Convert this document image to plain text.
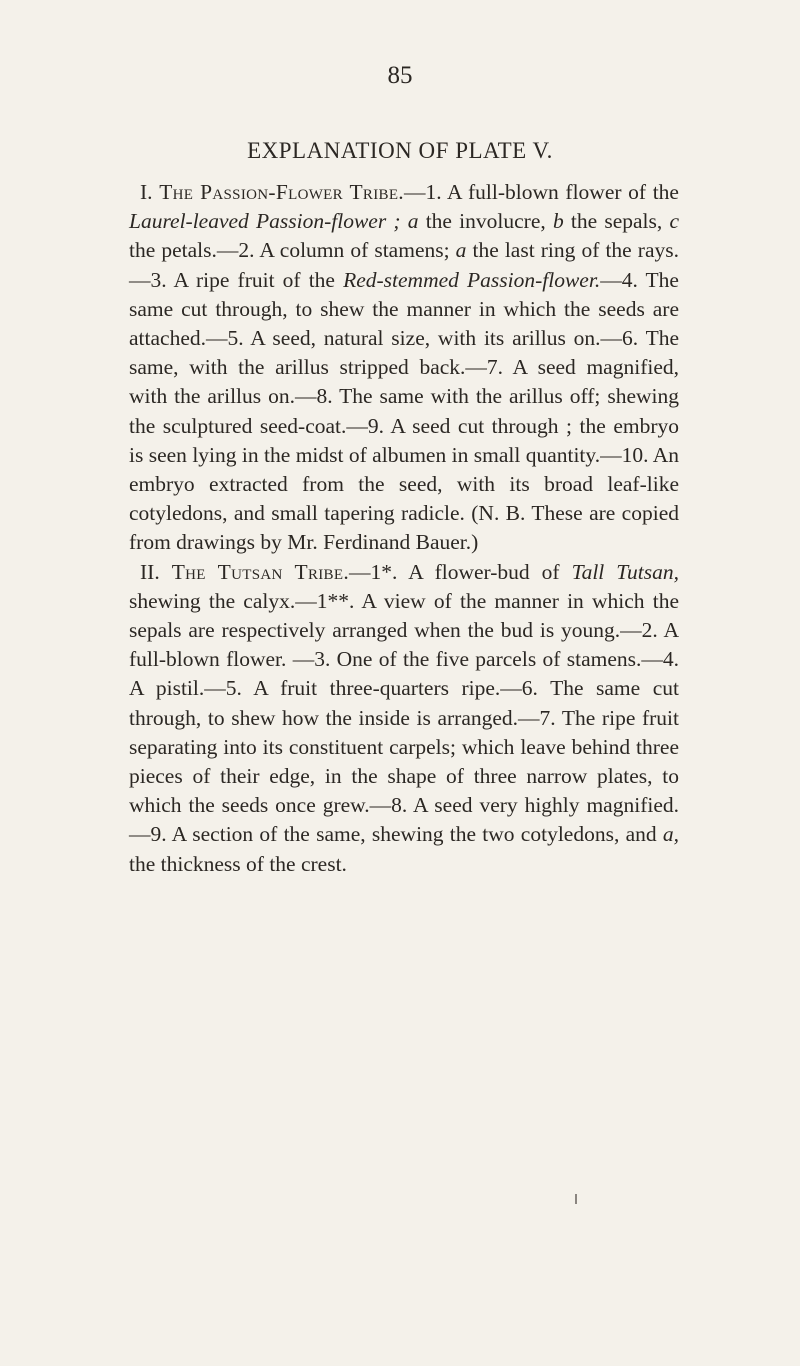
85
EXPLANATION OF PLATE V.

I. The Passion-Flower Tribe.—1. A full-blown flower of the Laurel-leaved Passion-flower ; a the involucre, b the sepals, c the petals.—2. A column of stamens; a the last ring of the rays.—3. A ripe fruit of the Red-stemmed Passion-flower.—4. The same cut through, to shew the manner in which the seeds are attached.—5. A seed, natural size, with its arillus on.—6. The same, with the arillus stripped back.—7. A seed magnified, with the arillus on.—8. The same with the arillus off; shewing the sculptured seed-coat.—9. A seed cut through ; the embryo is seen lying in the midst of albumen in small quantity.—10. An embryo extracted from the seed, with its broad leaf-like cotyledons, and small tapering radicle. (N. B. These are copied from drawings by Mr. Ferdinand Bauer.)

II. The Tutsan Tribe.—1*. A flower-bud of Tall Tutsan, shewing the calyx.—1**. A view of the manner in which the sepals are respectively arranged when the bud is young.—2. A full-blown flower. —3. One of the five parcels of stamens.—4. A pistil.—5. A fruit three-quarters ripe.—6. The same cut through, to shew how the inside is arranged.—7. The ripe fruit separating into its constituent carpels; which leave behind three pieces of their edge, in the shape of three narrow plates, to which the seeds once grew.—8. A seed very highly magnified.—9. A section of the same, shewing the two cotyledons, and a, the thickness of the crest.
